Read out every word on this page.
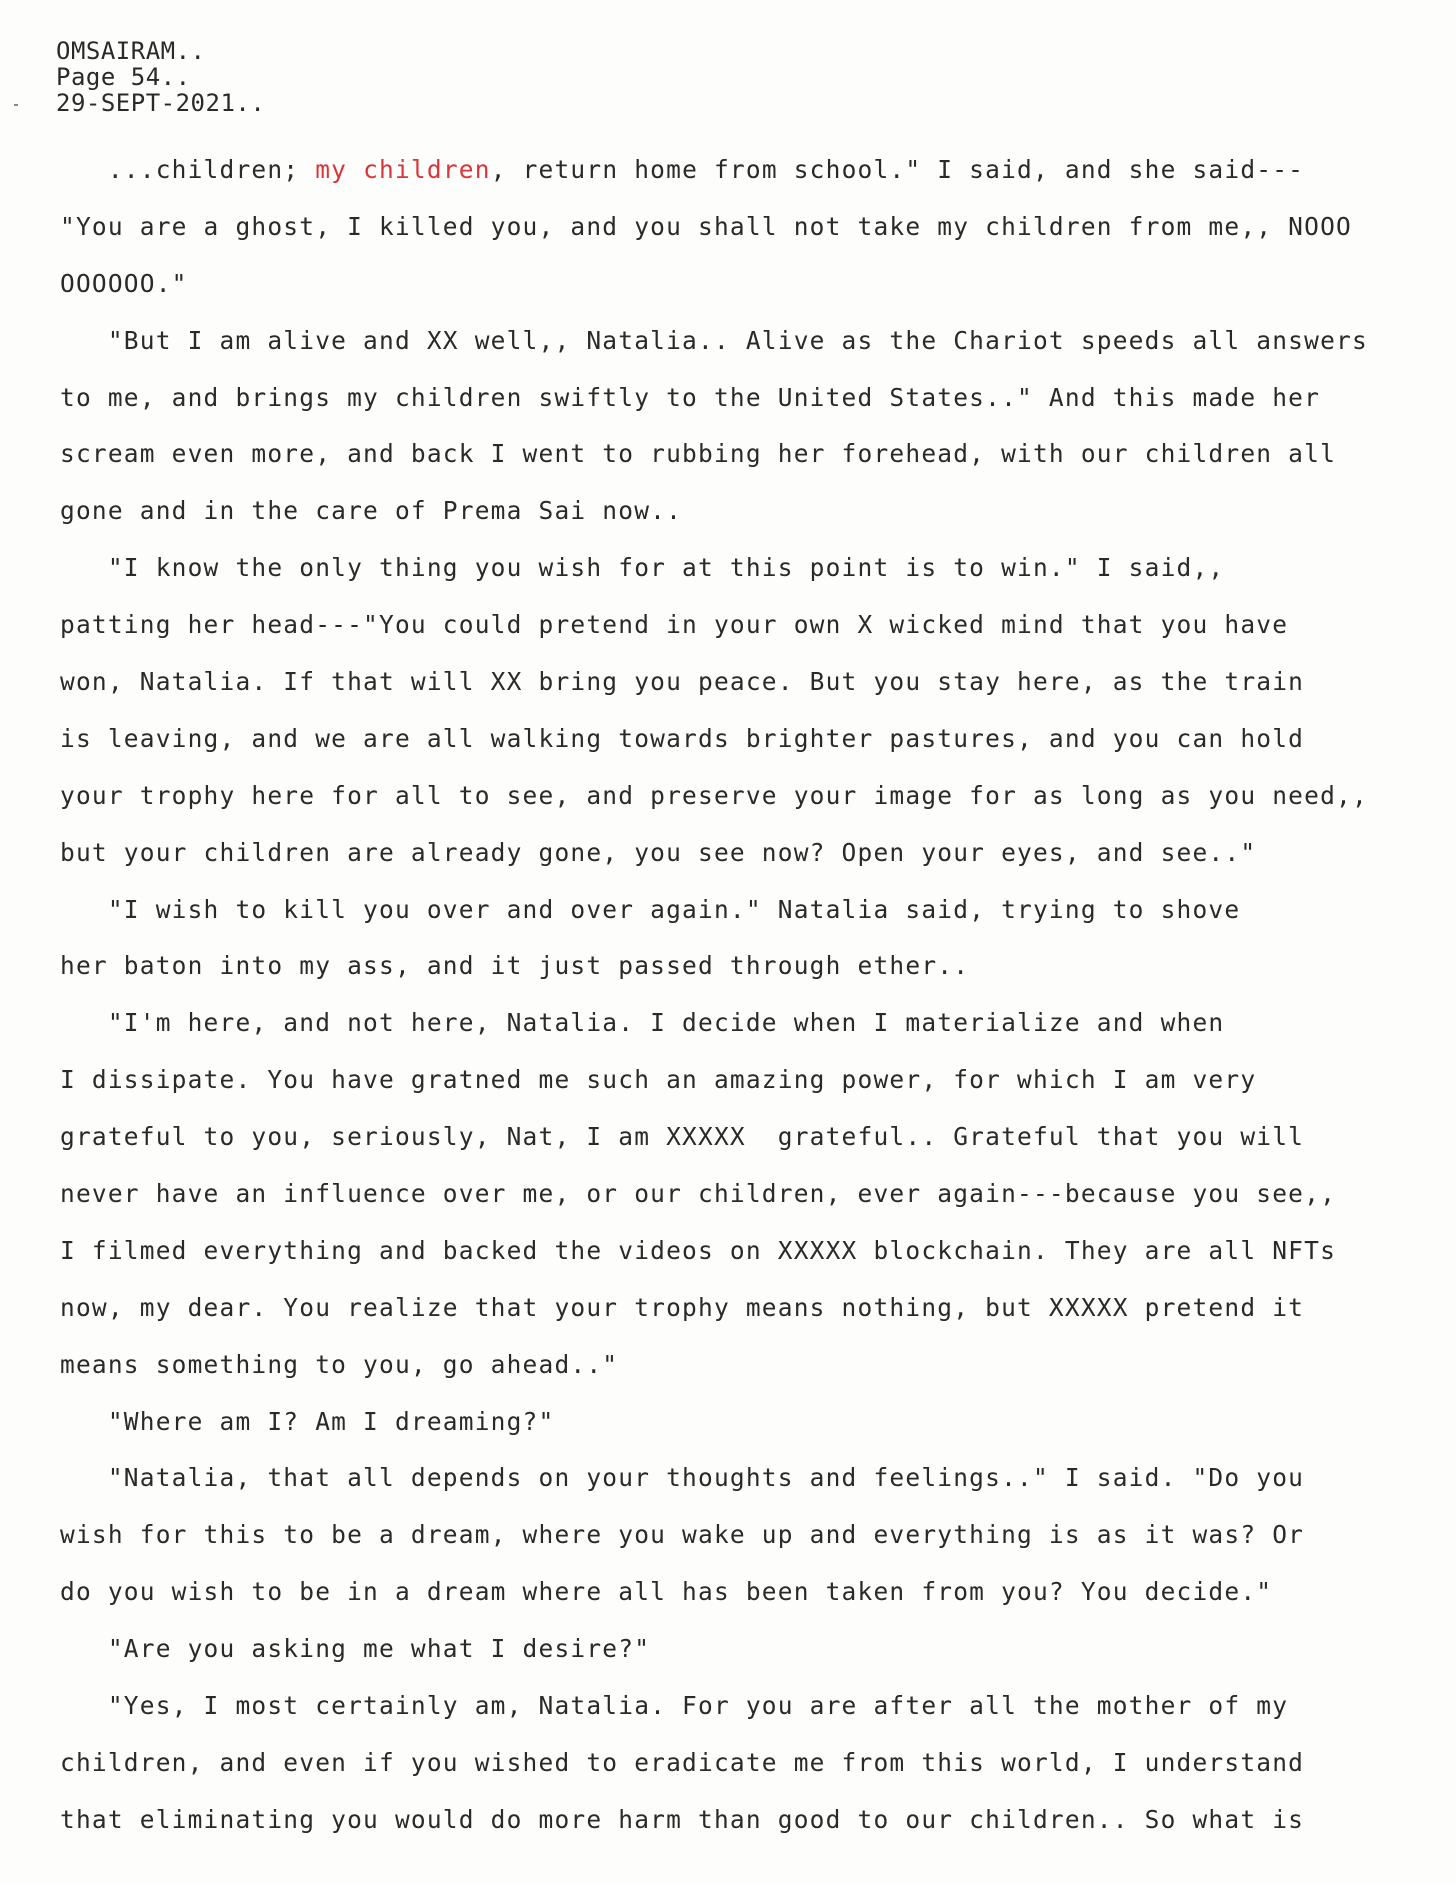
OMSAIRAM..
Page 54..
29-SEPT-2021..
...children; my children, return home from school." I said, and she said---
"You are a ghost, I killed you, and you shall not take my children from me,, NOOO
OOOOOO."
"But I am alive and XX well,, Natalia.. Alive as the Chariot speeds all answers
to me, and brings my children swiftly to the United States.." And this made her
scream even more, and back I went to rubbing her forehead, with our children all
gone and in the care of Prema Sai now..
"I know the only thing you wish for at this point is to win." I said,,
patting her head---"You could pretend in your own X wicked mind that you have
won, Natalia. If that will XX bring you peace. But you stay here, as the train
is leaving, and we are all walking towards brighter pastures, and you can hold
your trophy here for all to see, and preserve your image for as long as you need,,
but your children are already gone, you see now? Open your eyes, and see.."
"I wish to kill you over and over again." Natalia said, trying to shove
her baton into my ass, and it just passed through ether..
"I'm here, and not here, Natalia. I decide when I materialize and when
I dissipate. You have gratned me such an amazing power, for which I am very
grateful to you, seriously, Nat, I am XXXXX  grateful.. Grateful that you will
never have an influence over me, or our children, ever again---because you see,,
I filmed everything and backed the videos on XXXXX blockchain. They are all NFTs
now, my dear. You realize that your trophy means nothing, but XXXXX pretend it
means something to you, go ahead.."
"Where am I? Am I dreaming?"
"Natalia, that all depends on your thoughts and feelings.." I said. "Do you
wish for this to be a dream, where you wake up and everything is as it was? Or
do you wish to be in a dream where all has been taken from you? You decide."
"Are you asking me what I desire?"
"Yes, I most certainly am, Natalia. For you are after all the mother of my
children, and even if you wished to eradicate me from this world, I understand
that eliminating you would do more harm than good to our children.. So what is
